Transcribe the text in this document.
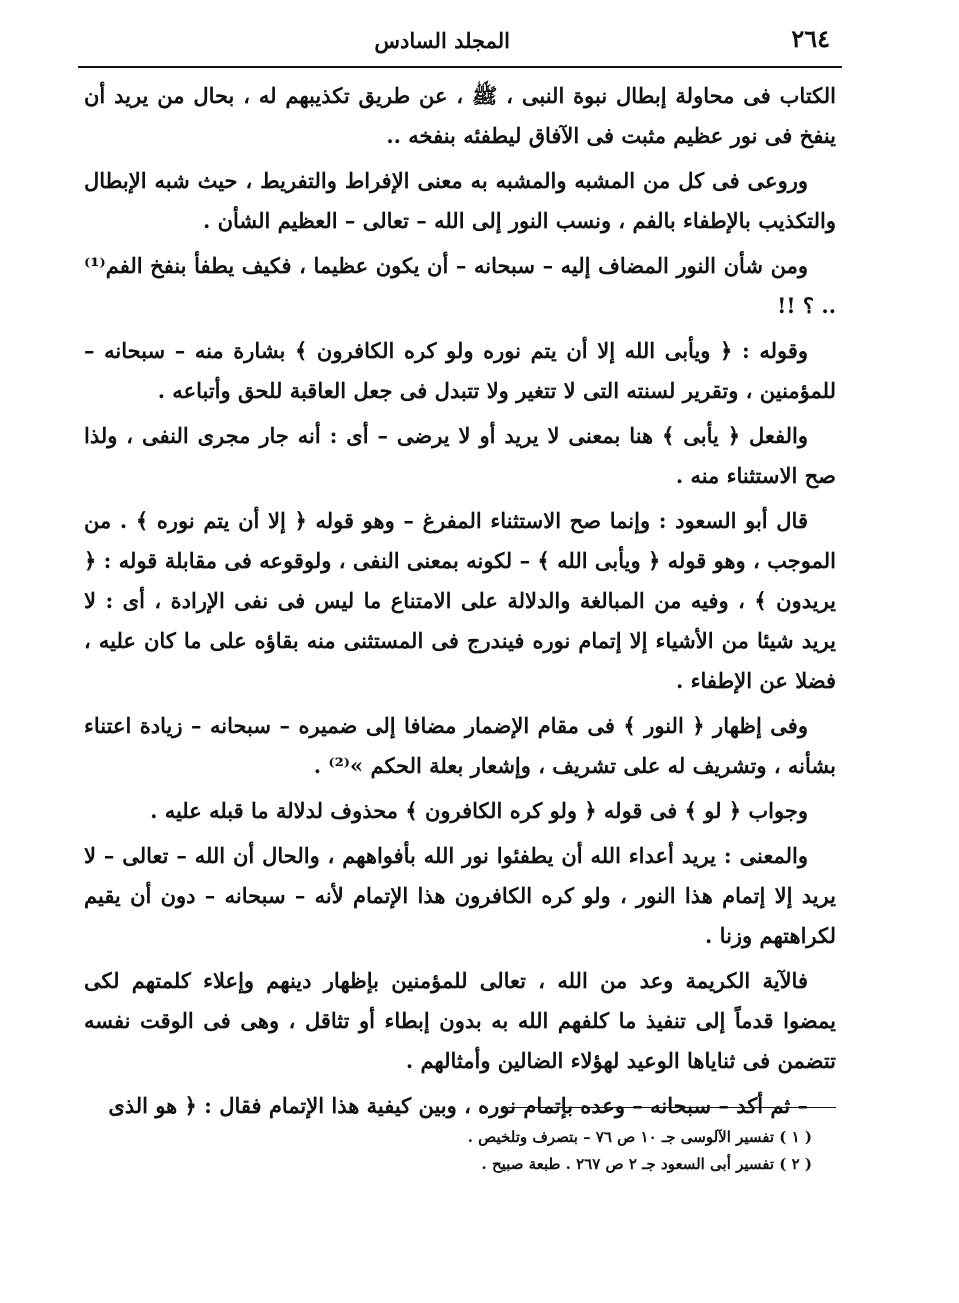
٢٦٤
المجلد السادس

الكتاب فى محاولة إبطال نبوة النبى ، ﷺ ، عن طريق تكذيبهم له ، بحال من يريد أن ينفخ فى نور عظيم مثبت فى الآفاق ليطفئه بنفخه ..

وروعى فى كل من المشبه والمشبه به معنى الإفراط والتفريط ، حيث شبه الإبطال والتكذيب بالإطفاء بالفم ، ونسب النور إلى الله – تعالى – العظيم الشأن .

ومن شأن النور المضاف إليه – سبحانه – أن يكون عظيما ، فكيف يطفأ بنفخ الفم⁽¹⁾ .. ؟ !!

وقوله : ﴿ ويأبى الله إلا أن يتم نوره ولو كره الكافرون ﴾ بشارة منه – سبحانه – للمؤمنين ، وتقرير لسنته التى لا تتغير ولا تتبدل فى جعل العاقبة للحق وأتباعه .

والفعل ﴿ يأبى ﴾ هنا بمعنى لا يريد أو لا يرضى – أى : أنه جار مجرى النفى ، ولذا صح الاستثناء منه .

قال أبو السعود : وإنما صح الاستثناء المفرغ – وهو قوله ﴿ إلا أن يتم نوره ﴾ . من الموجب ، وهو قوله ﴿ ويأبى الله ﴾ – لكونه بمعنى النفى ، ولوقوعه فى مقابلة قوله : ﴿ يريدون ﴾ ، وفيه من المبالغة والدلالة على الامتناع ما ليس فى نفى الإرادة ، أى : لا يريد شيئا من الأشياء إلا إتمام نوره فيندرج فى المستثنى منه بقاؤه على ما كان عليه ، فضلا عن الإطفاء .

وفى إظهار ﴿ النور ﴾ فى مقام الإضمار مضافا إلى ضميره – سبحانه – زيادة اعتناء بشأنه ، وتشريف له على تشريف ، وإشعار بعلة الحكم »⁽²⁾ .

وجواب ﴿ لو ﴾ فى قوله ﴿ ولو كره الكافرون ﴾ محذوف لدلالة ما قبله عليه .

والمعنى : يريد أعداء الله أن يطفئوا نور الله بأفواههم ، والحال أن الله – تعالى – لا يريد إلا إتمام هذا النور ، ولو كره الكافرون هذا الإتمام لأنه – سبحانه – دون أن يقيم لكراهتهم وزنا .

فالآية الكريمة وعد من الله ، تعالى للمؤمنين بإظهار دينهم وإعلاء كلمتهم لكى يمضوا قدماً إلى تنفيذ ما كلفهم الله به بدون إبطاء أو تثاقل ، وهى فى الوقت نفسه تتضمن فى ثناياها الوعيد لهؤلاء الضالين وأمثالهم .

– ثم أكد – سبحانه – وعده بإتمام نوره ، وبين كيفية هذا الإتمام فقال : ﴿ هو الذى

( ١ ) تفسير الآلوسى جـ ١٠ ص ٧٦ – بتصرف وتلخيص .

( ٢ ) تفسير أبى السعود جـ ٢ ص ٢٦٧ . طبعة صبيح .
